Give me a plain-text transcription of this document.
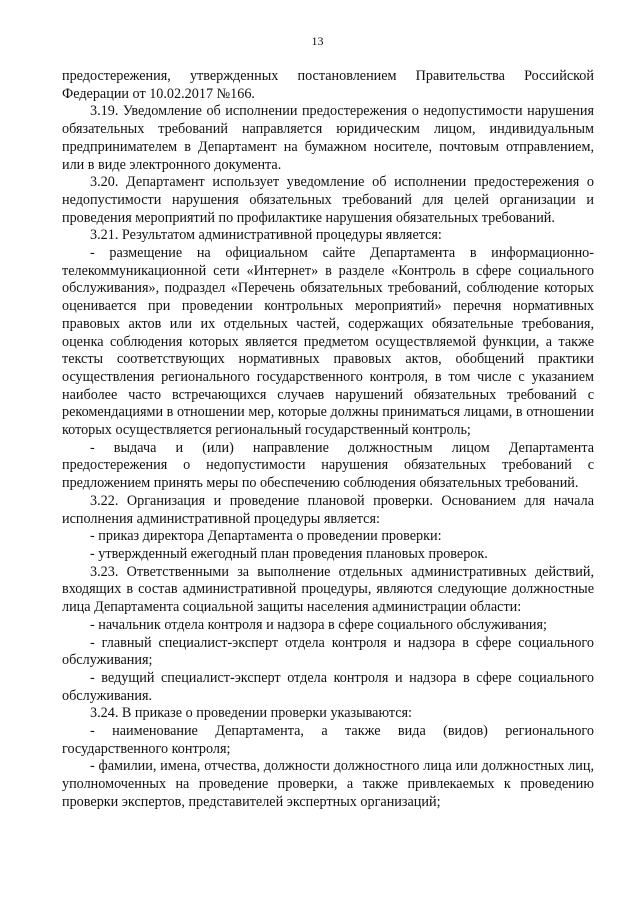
13

предостережения, утвержденных постановлением Правительства Российской Федерации от 10.02.2017 №166.

3.19. Уведомление об исполнении предостережения о недопустимости нарушения обязательных требований направляется юридическим лицом, индивидуальным предпринимателем в Департамент на бумажном носителе, почтовым отправлением, или в виде электронного документа.

3.20. Департамент использует уведомление об исполнении предостережения о недопустимости нарушения обязательных требований для целей организации и проведения мероприятий по профилактике нарушения обязательных требований.

3.21. Результатом административной процедуры является:

- размещение на официальном сайте Департамента в информационно-телекоммуникационной сети «Интернет» в разделе «Контроль в сфере социального обслуживания», подраздел «Перечень обязательных требований, соблюдение которых оценивается при проведении контрольных мероприятий» перечня нормативных правовых актов или их отдельных частей, содержащих обязательные требования, оценка соблюдения которых является предметом осуществляемой функции, а также тексты соответствующих нормативных правовых актов, обобщений практики осуществления регионального государственного контроля, в том числе с указанием наиболее часто встречающихся случаев нарушений обязательных требований с рекомендациями в отношении мер, которые должны приниматься лицами, в отношении которых осуществляется региональный государственный контроль;

- выдача и (или) направление должностным лицом Департамента предостережения о недопустимости нарушения обязательных требований с предложением принять меры по обеспечению соблюдения обязательных требований.

3.22. Организация и проведение плановой проверки. Основанием для начала исполнения административной процедуры является:

- приказ директора Департамента о проведении проверки:

- утвержденный ежегодный план проведения плановых проверок.

3.23. Ответственными за выполнение отдельных административных действий, входящих в состав административной процедуры, являются следующие должностные лица Департамента социальной защиты населения администрации области:

- начальник отдела контроля и надзора в сфере социального обслуживания;

- главный специалист-эксперт отдела контроля и надзора в сфере социального обслуживания;

- ведущий специалист-эксперт отдела контроля и надзора в сфере социального обслуживания.

3.24. В приказе о проведении проверки указываются:

- наименование Департамента, а также вида (видов) регионального государственного контроля;

- фамилии, имена, отчества, должности должностного лица или должностных лиц, уполномоченных на проведение проверки, а также привлекаемых к проведению проверки экспертов, представителей экспертных организаций;
